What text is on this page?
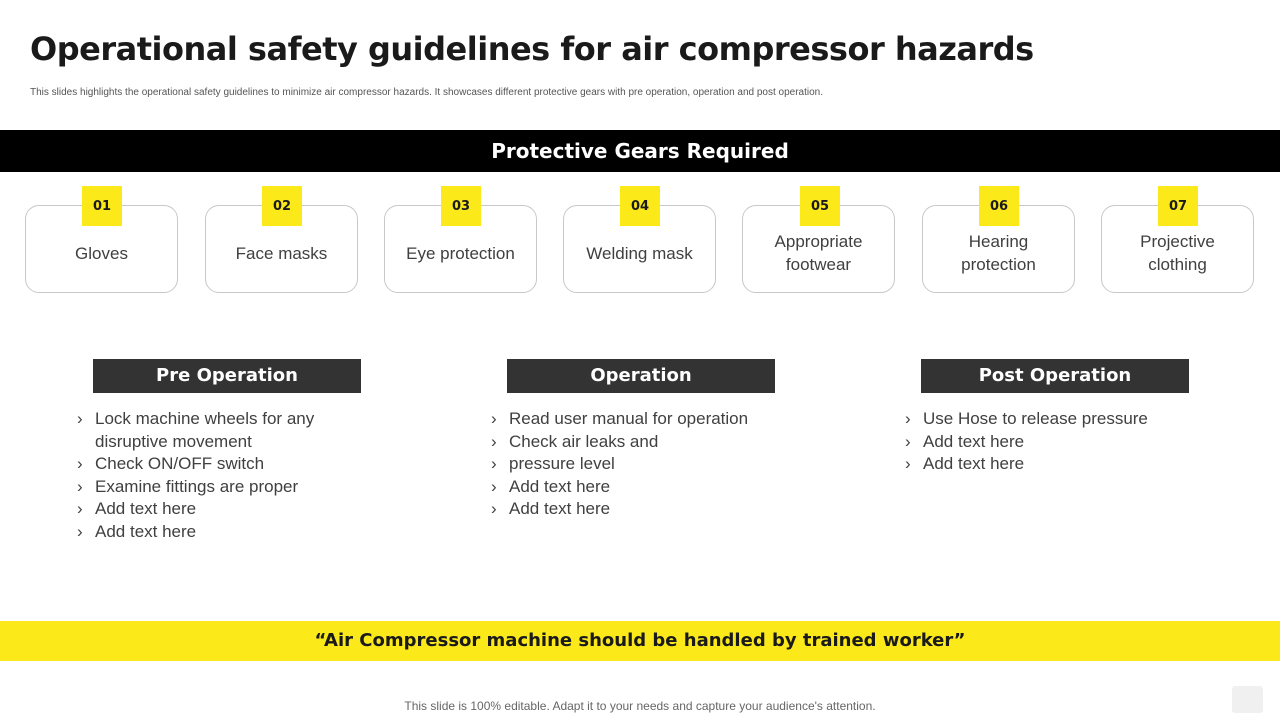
Operational safety guidelines for air compressor hazards
This slides highlights the operational safety guidelines to minimize air compressor hazards. It showcases different protective gears with pre operation, operation and post operation.
Protective Gears Required
Gloves
01
Face masks
02
Eye protection
03
Welding mask
04
Appropriate footwear
05
Hearing protection
06
Projective clothing
07
Pre Operation
› Lock machine wheels for any disruptive movement
› Check ON/OFF switch
› Examine fittings are proper
› Add text here
› Add text here
Operation
› Read user manual for operation
› Check air leaks and
› pressure level
› Add text here
› Add text here
Post Operation
› Use Hose to release pressure
› Add text here
› Add text here
“Air Compressor machine should be handled by trained worker”
This slide is 100% editable. Adapt it to your needs and capture your audience's attention.
